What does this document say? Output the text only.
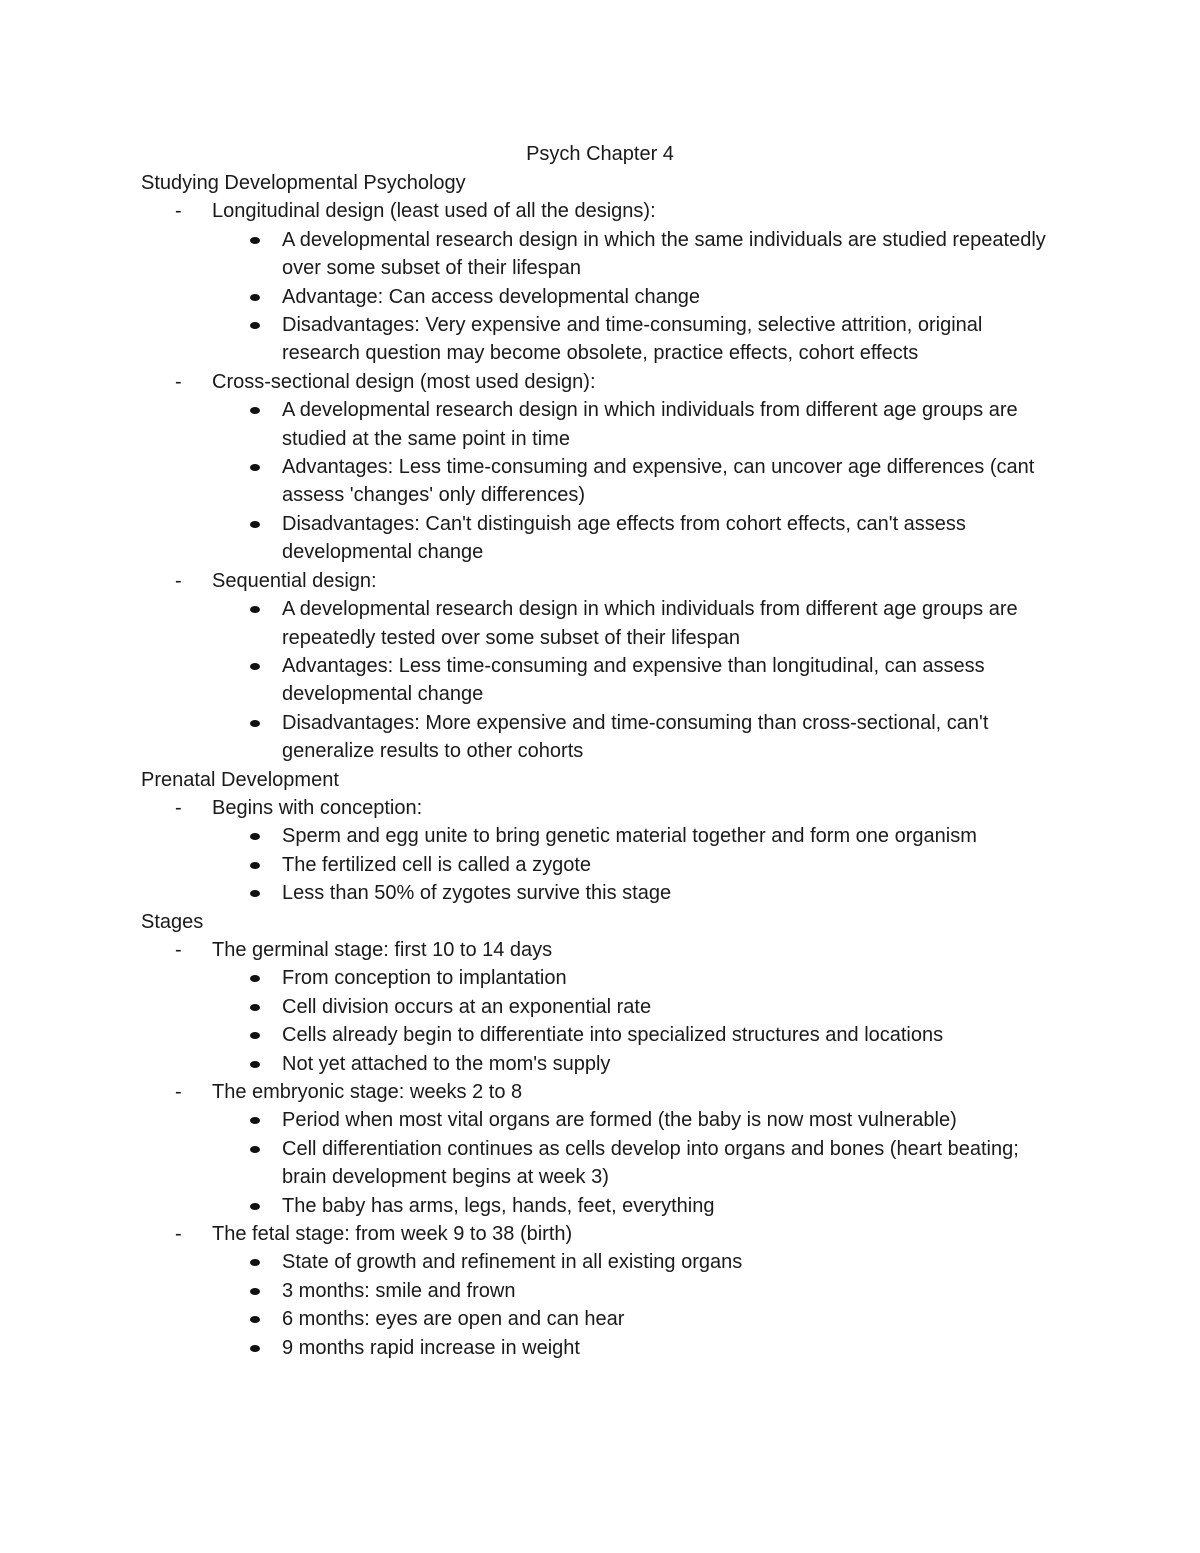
Psych Chapter 4
Studying Developmental Psychology
- Longitudinal design (least used of all the designs):
A developmental research design in which the same individuals are studied repeatedly over some subset of their lifespan
Advantage: Can access developmental change
Disadvantages: Very expensive and time-consuming, selective attrition, original research question may become obsolete, practice effects, cohort effects
- Cross-sectional design (most used design):
A developmental research design in which individuals from different age groups are studied at the same point in time
Advantages: Less time-consuming and expensive, can uncover age differences (cant assess 'changes' only differences)
Disadvantages: Can't distinguish age effects from cohort effects, can't assess developmental change
- Sequential design:
A developmental research design in which individuals from different age groups are repeatedly tested over some subset of their lifespan
Advantages: Less time-consuming and expensive than longitudinal, can assess developmental change
Disadvantages: More expensive and time-consuming than cross-sectional, can't generalize results to other cohorts
Prenatal Development
- Begins with conception:
Sperm and egg unite to bring genetic material together and form one organism
The fertilized cell is called a zygote
Less than 50% of zygotes survive this stage
Stages
- The germinal stage: first 10 to 14 days
From conception to implantation
Cell division occurs at an exponential rate
Cells already begin to differentiate into specialized structures and locations
Not yet attached to the mom's supply
- The embryonic stage: weeks 2 to 8
Period when most vital organs are formed (the baby is now most vulnerable)
Cell differentiation continues as cells develop into organs and bones (heart beating; brain development begins at week 3)
The baby has arms, legs, hands, feet, everything
- The fetal stage: from week 9 to 38 (birth)
State of growth and refinement in all existing organs
3 months: smile and frown
6 months: eyes are open and can hear
9 months rapid increase in weight
